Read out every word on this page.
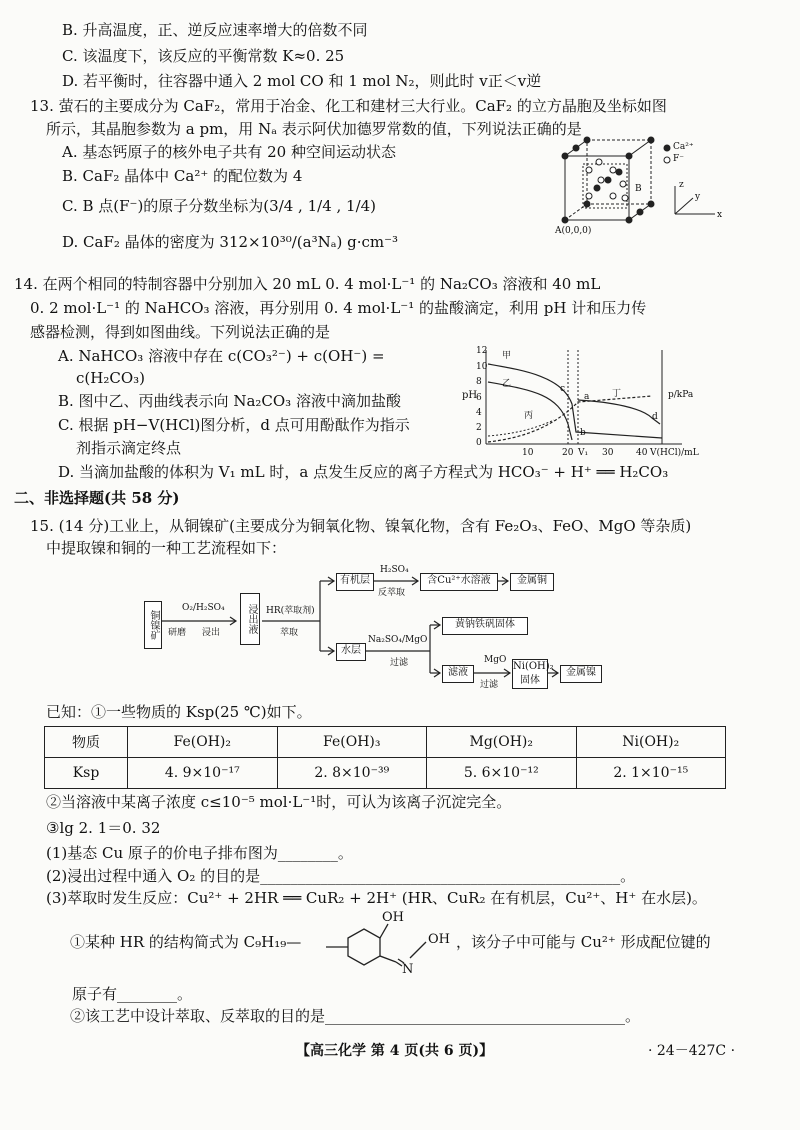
B. 升高温度，正、逆反应速率增大的倍数不同
C. 该温度下，该反应的平衡常数 K≈0. 25
D. 若平衡时，往容器中通入 2 mol CO 和 1 mol N₂，则此时 v正＜v逆
13. 萤石的主要成分为 CaF₂，常用于冶金、化工和建材三大行业。CaF₂ 的立方晶胞及坐标如图
所示，其晶胞参数为 a pm，用 Nₐ 表示阿伏加德罗常数的值，下列说法正确的是
A. 基态钙原子的核外电子共有 20 种空间运动状态
B. CaF₂ 晶体中 Ca²⁺ 的配位数为 4
C. B 点(F⁻)的原子分数坐标为(3/4 , 1/4 , 1/4)
D. CaF₂ 晶体的密度为 312×10³⁰/(a³Nₐ) g·cm⁻³
Ca²⁺
F⁻
B
A(0,0,0)
z
y
x
14. 在两个相同的特制容器中分别加入 20 mL 0. 4 mol·L⁻¹ 的 Na₂CO₃ 溶液和 40 mL
0. 2 mol·L⁻¹ 的 NaHCO₃ 溶液，再分别用 0. 4 mol·L⁻¹ 的盐酸滴定，利用 pH 计和压力传
感器检测，得到如图曲线。下列说法正确的是
A. NaHCO₃ 溶液中存在 c(CO₃²⁻) + c(OH⁻) =
c(H₂CO₃)
B. 图中乙、丙曲线表示向 Na₂CO₃ 溶液中滴加盐酸
C. 根据 pH−V(HCl)图分析，d 点可用酚酞作为指示
剂指示滴定终点
D. 当滴加盐酸的体积为 V₁ mL 时，a 点发生反应的离子方程式为 HCO₃⁻ + H⁺ ══ H₂CO₃
pH	p/kPa
V(HCl)/mL
12
10
8
6
4
2
0
10	20 V₁ 30	40
甲
乙
丙
丁
a
b
c
d
二、非选择题(共 58 分)
15. (14 分)工业上，从铜镍矿(主要成分为铜氧化物、镍氧化物，含有 Fe₂O₃、FeO、MgO 等杂质)
中提取镍和铜的一种工艺流程如下：
铜镍矿	研磨
O₂/H₂SO₄
浸出	浸出液	HR(萃取剂)
萃取
有机层
H₂SO₄
反萃取
含Cu²⁺水溶液	金属铜
水层
Na₂SO₄/MgO
过滤
黄钠铁矾固体
滤液
MgO
过滤
Ni(OH)₂固体
金属镍
已知：①一些物质的 Ksp(25 ℃)如下。
物质	Fe(OH)₂	Fe(OH)₃	Mg(OH)₂	Ni(OH)₂
Ksp	4. 9×10⁻¹⁷	2. 8×10⁻³⁹	5. 6×10⁻¹²	2. 1×10⁻¹⁵
②当溶液中某离子浓度 c≤10⁻⁵ mol·L⁻¹时，可认为该离子沉淀完全。
③lg 2. 1＝0. 32
(1)基态 Cu 原子的价电子排布图为________。
(2)浸出过程中通入 O₂ 的目的是________________________________________________。
(3)萃取时发生反应：Cu²⁺ + 2HR ══ CuR₂ + 2H⁺ (HR、CuR₂ 在有机层，Cu²⁺、H⁺ 在水层)。
①某种 HR 的结构简式为 C₉H₁₉—
OH
OH
N
，该分子中可能与 Cu²⁺ 形成配位键的
原子有________。
②该工艺中设计萃取、反萃取的目的是________________________________________。
【高三化学 第 4 页(共 6 页)】	· 24－427C ·
